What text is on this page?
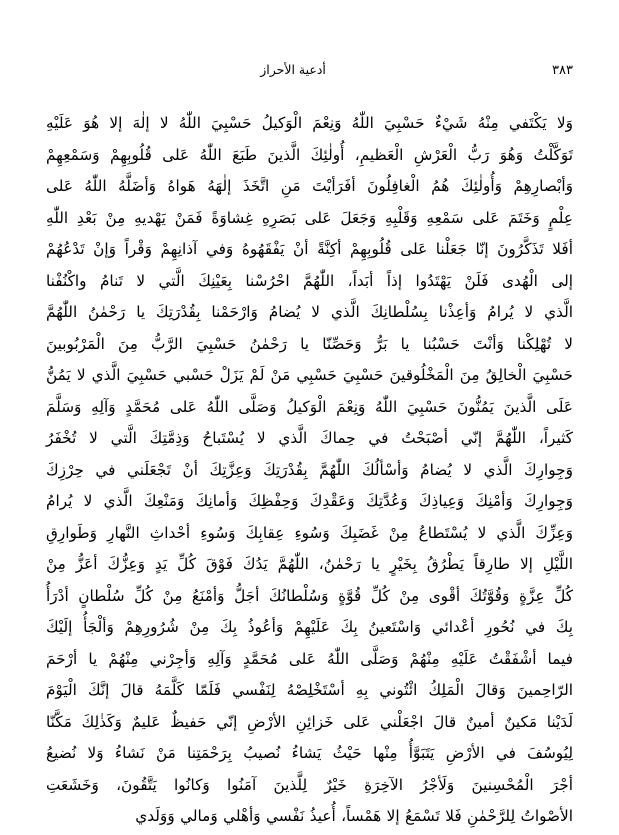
٣٨٣
أدعية الأحراز
وَلا يَكْتَفي مِنْهُ شَيْءٌ حَسْبِيَ اللّٰهُ وَنِعْمَ الْوَكيلُ حَسْبِيَ اللّٰهُ لا إلٰهَ إلا هُوَ عَلَيْهِ
تَوَكَّلْتُ وَهُوَ رَبُّ الْعَرْشِ الْعَظيمِ، أُولٰئِكَ الَّذينَ طَبَعَ اللّٰهُ عَلى قُلُوبِهِمْ وَسَمْعِهِمْ
وَأبْصارِهِمْ وَأُولٰئِكَ هُمُ الْغافِلُونَ أفَرَأيْتَ مَنِ اتَّخَذَ إلٰهَهُ هَواهُ وَأضَلَّهُ اللّٰهُ عَلى
عِلْمٍ وَخَتَمَ عَلى سَمْعِهِ وَقَلْبِهِ وَجَعَلَ عَلى بَصَرِهِ غِشاوَةً فَمَنْ يَهْديهِ مِنْ بَعْدِ اللّٰهِ
أفَلا تَذَكَّرُونَ إنّا جَعَلْنا عَلى قُلُوبِهِمْ أكِنَّةً أنْ يَفْقَهُوهُ وَفي آذانِهِمْ وَقْراً وَإنْ تَدْعُهُمْ
إلى الْهُدى فَلَنْ يَهْتَدُوا إذاً أبَداً، اللّٰهُمَّ احْرُسْنا بِعَيْنِكَ الَّتي لا تَنامُ واكْنُفْنا
الَّذي لا يُرامُ وَأعِذْنا بِسُلْطانِكَ الَّذي لا يُضامُ وَارْحَمْنا بِقُدْرَتِكَ يا رَحْمٰنُ اللّٰهُمَّ
لا تُهْلِكْنا وَأنْتَ حَسْبُنا يا بَرُّ وَحَصِّنّا يا رَحْمٰنُ حَسْبِيَ الرَّبُّ مِنَ الْمَرْبُوبينَ
حَسْبِيَ الْخالِقُ مِنَ الْمَخْلُوقينَ حَسْبِيَ حَسْبِي مَنْ لَمْ يَزَلْ حَسْبي حَسْبِيَ الَّذي لا يَمُنُّ
عَلَى الَّذينَ يَمُنُّونَ حَسْبِيَ اللّٰهُ وَنِعْمَ الْوَكيلُ وَصَلَّى اللّٰهُ عَلى مُحَمَّدٍ وَآلِهِ وَسَلَّمَ
كَثيراً، اللّٰهُمَّ إنّي أصْبَحْتُ في حِماكَ الَّذي لا يُسْتَباحُ وَذِمَّتِكَ الَّتي لا تُخْفَرُ
وَجِوارِكَ الَّذي لا يُضامُ وَأسْألُكَ اللّٰهُمَّ بِقُدْرَتِكَ وَعِزَّتِكَ أنْ تَجْعَلَني في حِرْزِكَ
وَجِوارِكَ وَأمْنِكَ وَعِياذِكَ وَعُدَّتِكَ وَعَقْدِكَ وَحِفْظِكَ وَأمانِكَ وَمَنْعِكَ الَّذي لا يُرامُ
وَعِزِّكَ الَّذي لا يُسْتَطاعُ مِنْ غَضَبِكَ وَسُوءِ عِقابِكَ وَسُوءِ أحْداثِ النَّهارِ وَطَوارِقِ
اللَّيْلِ إلا طارِقاً يَطْرُقُ بِخَيْرٍ يا رَحْمٰنُ، اللّٰهُمَّ يَدُكَ فَوْقَ كُلِّ يَدٍ وَعِزُّكَ أعَزُّ مِنْ
كُلِّ عِزَّةٍ وَقُوَّتُكَ أقْوى مِنْ كُلِّ قُوَّةٍ وَسُلْطانُكَ أجَلُّ وَأمْنَعُ مِنْ كُلِّ سُلْطانٍ أدْرَأُ
بِكَ في نُحُورِ أعْدائي وَاسْتَعينُ بِكَ عَلَيْهِمْ وَأعُوذُ بِكَ مِنْ شُرُورِهِمْ وَألْجَأُ إلَيْكَ
فيما أشْفَقْتُ عَلَيْهِ مِنْهُمْ وَصَلَّى اللّٰهُ عَلى مُحَمَّدٍ وَآلِهِ وَأجِرْني مِنْهُمْ يا أرْحَمَ
الرّاحِمينَ وَقالَ الْمَلِكُ ائْتُوني بِهِ أسْتَخْلِصْهُ لِنَفْسي فَلَمّا كَلَّمَهُ قالَ إنَّكَ الْيَوْمَ
لَدَيْنا مَكينٌ أمينٌ قالَ اجْعَلْني عَلى خَزائِنِ الأرْضِ إنّي حَفيظٌ عَليمٌ وَكَذٰلِكَ مَكَّنّا
لِيُوسُفَ في الأرْضِ يَتَبَوَّأُ مِنْها حَيْثُ يَشاءُ نُصيبُ بِرَحْمَتِنا مَنْ نَشاءُ وَلا نُضيعُ
أجْرَ الْمُحْسِنينَ وَلَأجْرُ الآخِرَةِ خَيْرٌ لِلَّذينَ آمَنُوا وَكانُوا يَتَّقُونَ، وَخَشَعَتِ
الأصْواتُ لِلرَّحْمٰنِ فَلا تَسْمَعُ إلا هَمْساً، أُعيذُ نَفْسي وَأهْلي وَمالي وَوَلَدي
